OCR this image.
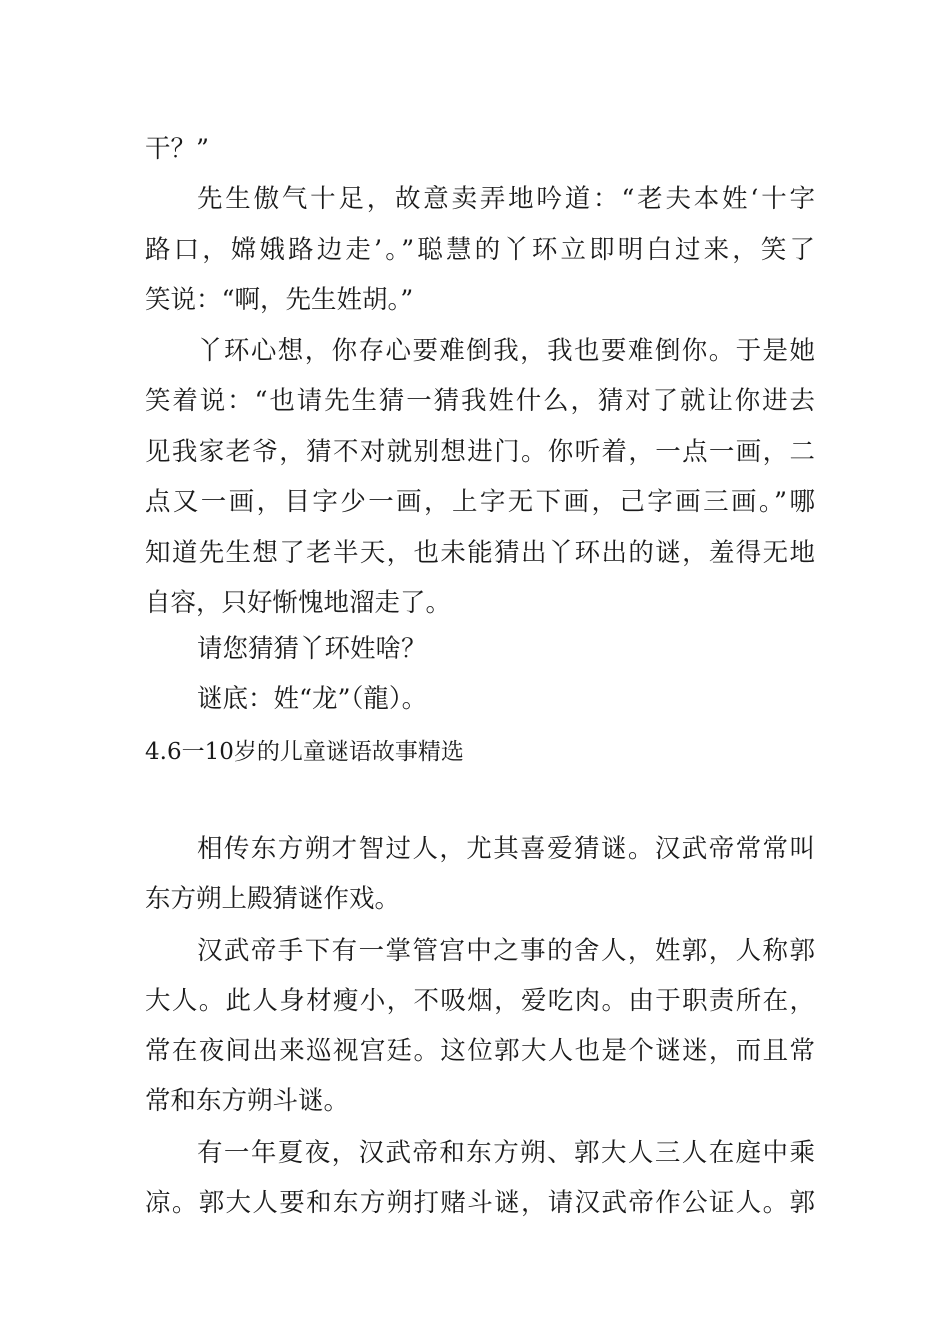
干？”
先生傲气十足，故意卖弄地吟道：“老夫本姓‘十字
路口，嫦娥路边走’。”聪慧的丫环立即明白过来，笑了
笑说：“啊，先生姓胡。”
丫环心想，你存心要难倒我，我也要难倒你。于是她
笑着说：“也请先生猜一猜我姓什么，猜对了就让你进去
见我家老爷，猜不对就别想进门。你听着，一点一画，二
点又一画，目字少一画，上字无下画，己字画三画。”哪
知道先生想了老半天，也未能猜出丫环出的谜，羞得无地
自容，只好惭愧地溜走了。
请您猜猜丫环姓啥？
谜底：姓“龙”（龍）。
4.6一10岁的儿童谜语故事精选
相传东方朔才智过人，尤其喜爱猜谜。汉武帝常常叫
东方朔上殿猜谜作戏。
汉武帝手下有一掌管宫中之事的舍人，姓郭，人称郭
大人。此人身材瘦小，不吸烟，爱吃肉。由于职责所在，
常在夜间出来巡视宫廷。这位郭大人也是个谜迷，而且常
常和东方朔斗谜。
有一年夏夜，汉武帝和东方朔、郭大人三人在庭中乘
凉。郭大人要和东方朔打赌斗谜，请汉武帝作公证人。郭
